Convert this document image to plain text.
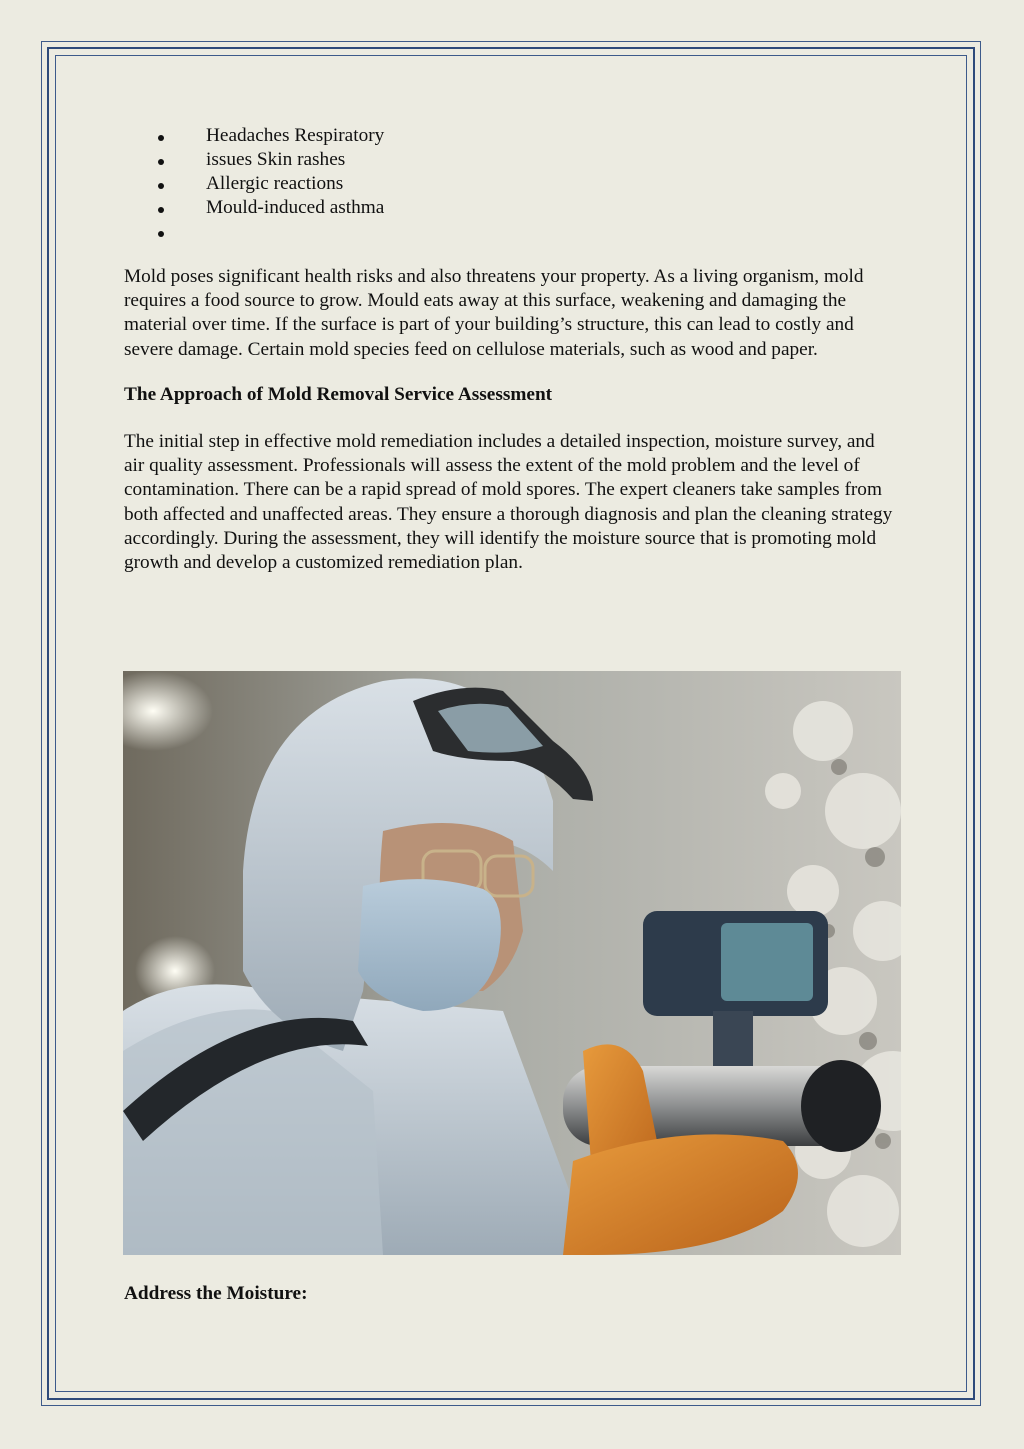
Headaches Respiratory
issues Skin rashes
Allergic reactions
Mould-induced asthma

Mold poses significant health risks and also threatens your property. As a living organism, mold requires a food source to grow. Mould eats away at this surface, weakening and damaging the material over time. If the surface is part of your building’s structure, this can lead to costly and severe damage. Certain mold species feed on cellulose materials, such as wood and paper.

The Approach of Mold Removal Service Assessment

The initial step in effective mold remediation includes a detailed inspection, moisture survey, and air quality assessment. Professionals will assess the extent of the mold problem and the level of contamination. There can be a rapid spread of mold spores. The expert cleaners take samples from both affected and unaffected areas. They ensure a thorough diagnosis and plan the cleaning strategy accordingly. During the assessment, they will identify the moisture source that is promoting mold growth and develop a customized remediation plan.

Address the Moisture:
